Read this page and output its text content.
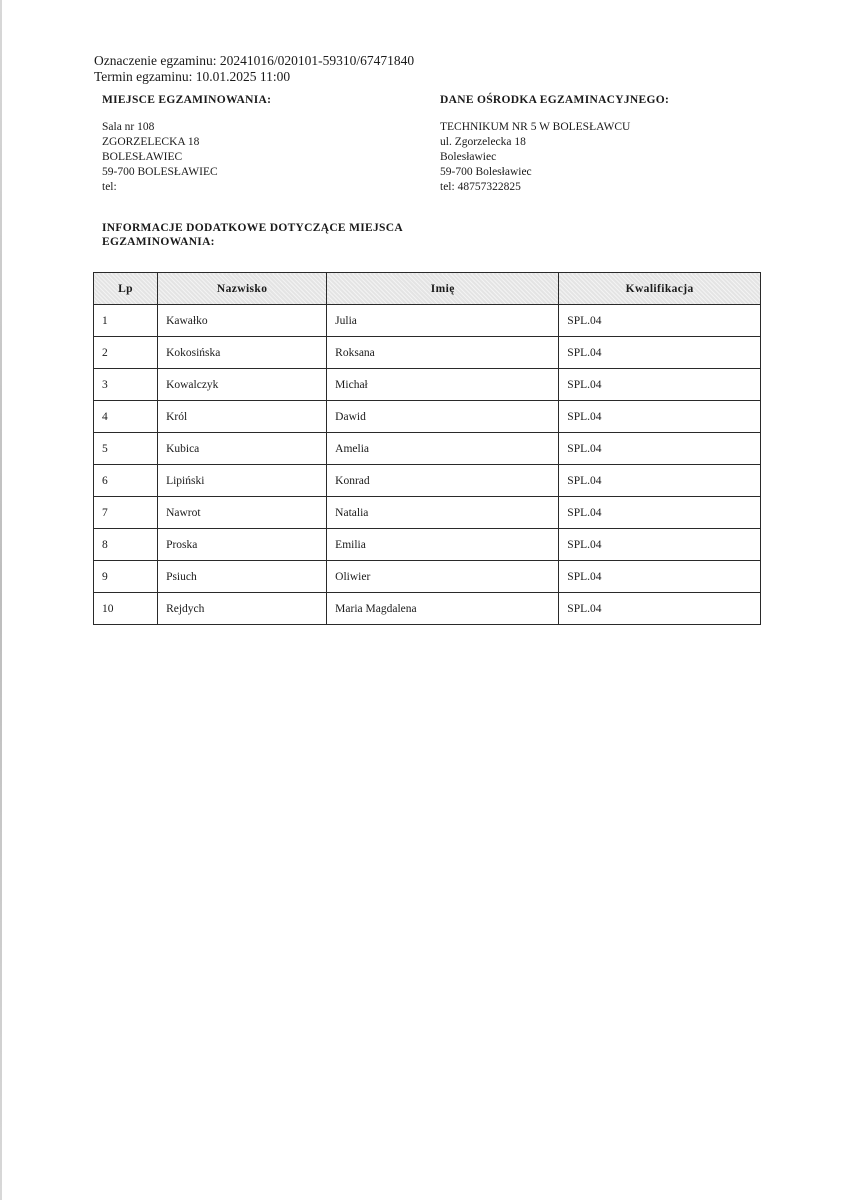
Oznaczenie egzaminu: 20241016/020101-59310/67471840
Termin egzaminu: 10.01.2025 11:00
MIEJSCE EGZAMINOWANIA:
Sala nr 108
ZGORZELECKA 18
BOLESŁAWIEC
59-700 BOLESŁAWIEC
tel:
DANE OŚRODKA EGZAMINACYJNEGO:
TECHNIKUM NR 5 W BOLESŁAWCU
ul. Zgorzelecka 18
Bolesławiec
59-700 Bolesławiec
tel: 48757322825
INFORMACJE DODATKOWE DOTYCZĄCE MIEJSCA EGZAMINOWANIA:
Lp	Nazwisko	Imię	Kwalifikacja
1	Kawałko	Julia	SPL.04
2	Kokosińska	Roksana	SPL.04
3	Kowalczyk	Michał	SPL.04
4	Król	Dawid	SPL.04
5	Kubica	Amelia	SPL.04
6	Lipiński	Konrad	SPL.04
7	Nawrot	Natalia	SPL.04
8	Proska	Emilia	SPL.04
9	Psiuch	Oliwier	SPL.04
10	Rejdych	Maria Magdalena	SPL.04
